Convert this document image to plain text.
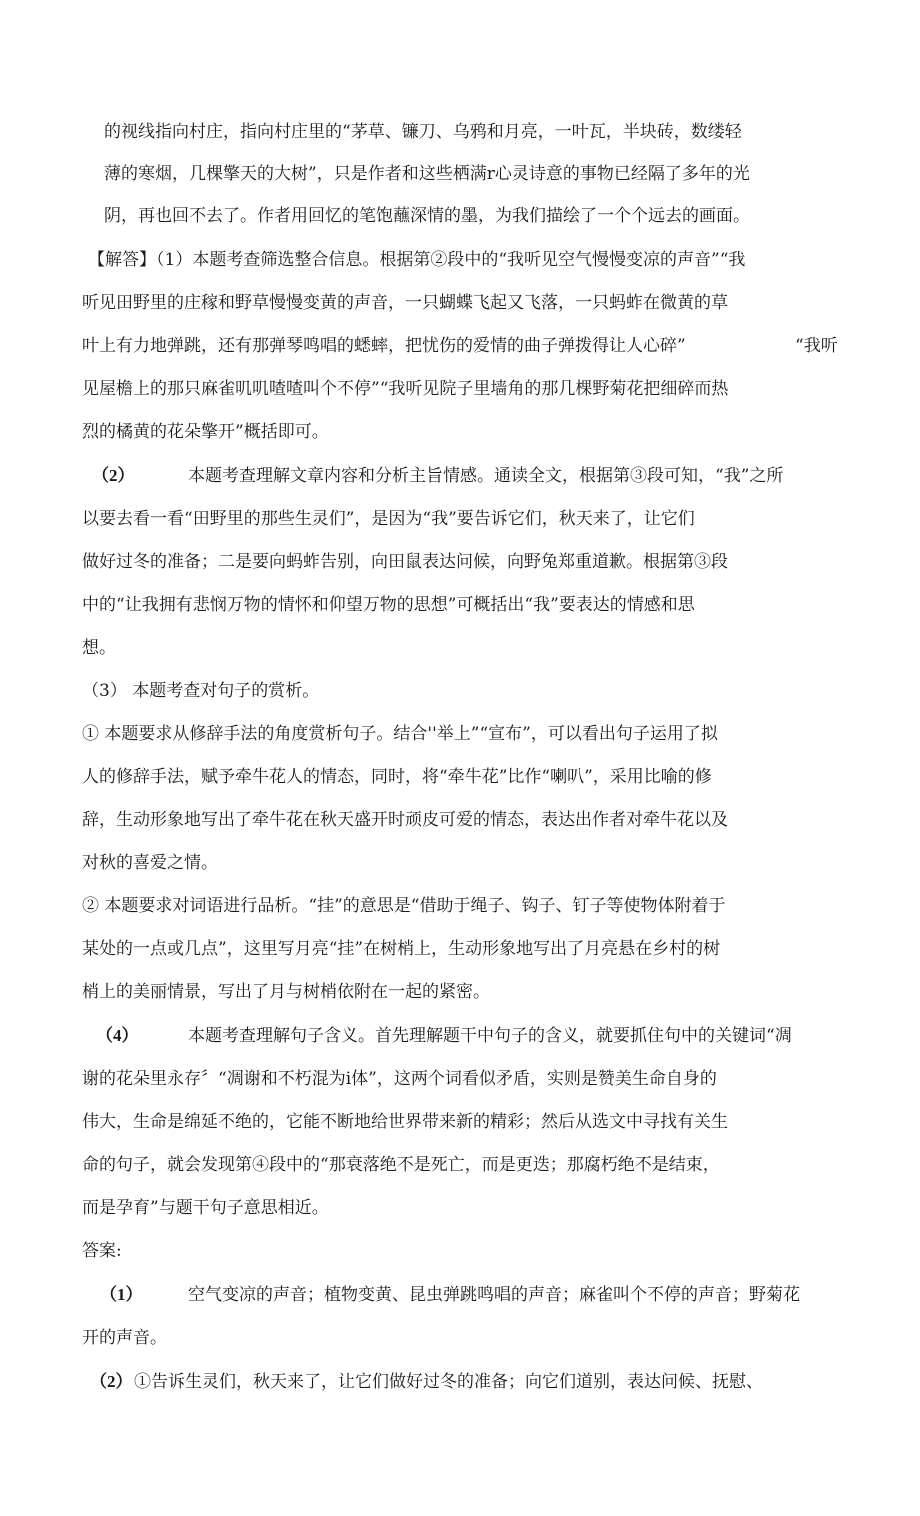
的视线指向村庄，指向村庄里的“茅草、镰刀、乌鸦和月亮，一叶瓦，半块砖，数缕轻
薄的寒烟，几棵擎天的大树”，只是作者和这些栖满r心灵诗意的事物已经隔了多年的光
阴，再也回不去了。作者用回忆的笔饱蘸深情的墨，为我们描绘了一个个远去的画面。
【解答】（1）本题考查筛选整合信息。根据第②段中的“我听见空气慢慢变凉的声音”“我
听见田野里的庄稼和野草慢慢变黄的声音，一只蝴蝶飞起又飞落，一只蚂蚱在微黄的草
叶上有力地弹跳，还有那弹琴鸣唱的蟋蟀，把忧伤的爱情的曲子弹拨得让人心碎”	“我听
见屋檐上的那只麻雀叽叽喳喳叫个不停”“我听见院子里墙角的那几棵野菊花把细碎而热
烈的橘黄的花朵擎开”概括即可。
（2）	本题考查理解文章内容和分析主旨情感。通读全文，根据第③段可知，“我”之所
以要去看一看“田野里的那些生灵们”，是因为“我”要告诉它们，秋天来了，让它们
做好过冬的准备；二是要向蚂蚱告别，向田鼠表达问候，向野兔郑重道歉。根据第③段
中的“让我拥有悲悯万物的情怀和仰望万物的思想”可概括出“我”要表达的情感和思
想。
（3） 本题考查对句子的赏析。
① 本题要求从修辞手法的角度赏析句子。结合''举上”“宣布”，可以看出句子运用了拟
人的修辞手法，赋予牵牛花人的情态，同时，将“牵牛花”比作“喇叭”，采用比喻的修
辞，生动形象地写出了牵牛花在秋天盛开时顽皮可爱的情态，表达出作者对牵牛花以及
对秋的喜爱之情。
② 本题要求对词语进行品析。“挂”的意思是“借助于绳子、钩子、钉子等使物体附着于
某处的一点或几点”，这里写月亮“挂”在树梢上，生动形象地写出了月亮悬在乡村的树
梢上的美丽情景，写出了月与树梢依附在一起的紧密。
（4）	本题考查理解句子含义。首先理解题干中句子的含义，就要抓住句中的关键词“凋
谢的花朵里永存〞“凋谢和不朽混为i体”，这两个词看似矛盾，实则是赞美生命自身的
伟大，生命是绵延不绝的，它能不断地给世界带来新的精彩；然后从选文中寻找有关生
命的句子，就会发现第④段中的“那衰落绝不是死亡，而是更迭；那腐朽绝不是结束，
而是孕育”与题干句子意思相近。
答案:
（1）	空气变凉的声音；植物变黄、昆虫弹跳鸣唱的声音；麻雀叫个不停的声音；野菊花
开的声音。
（2） ①告诉生灵们，秋天来了，让它们做好过冬的准备；向它们道别，表达问候、抚慰、
